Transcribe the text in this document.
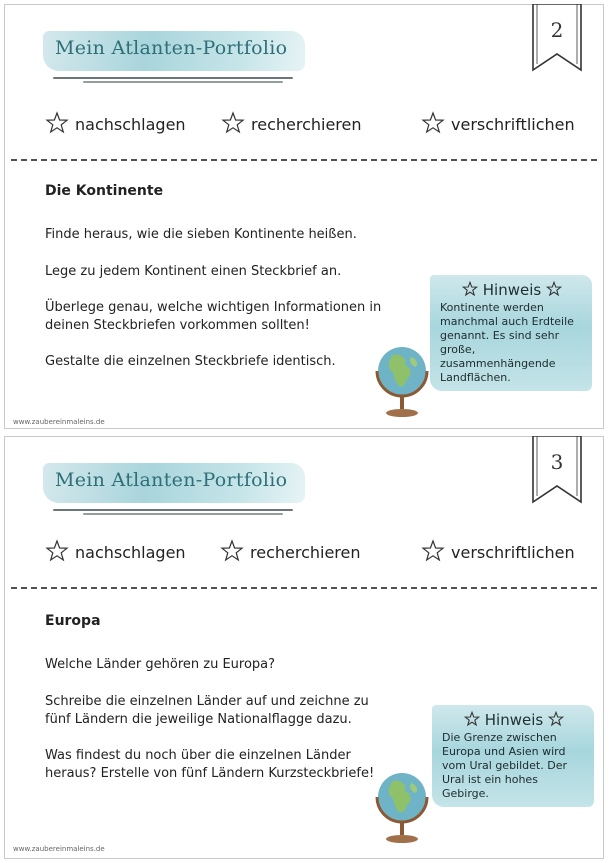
Mein Atlanten-Portfolio
2
nachschlagen	recherchieren	verschriftlichen
Die Kontinente
Finde heraus, wie die sieben Kontinente heißen.
Lege zu jedem Kontinent einen Steckbrief an.
Überlege genau, welche wichtigen Informationen in deinen Steckbriefen vorkommen sollten!
Gestalte die einzelnen Steckbriefe identisch.
Hinweis
Kontinente werden manchmal auch Erdteile genannt. Es sind sehr große, zusammenhängende Landflächen.
www.zaubereinmaleins.de
Mein Atlanten-Portfolio
3
nachschlagen	recherchieren	verschriftlichen
Europa
Welche Länder gehören zu Europa?
Schreibe die einzelnen Länder auf und zeichne zu fünf Ländern die jeweilige Nationalflagge dazu.
Was findest du noch über die einzelnen Länder heraus? Erstelle von fünf Ländern Kurzsteckbriefe!
Hinweis
Die Grenze zwischen Europa und Asien wird vom Ural gebildet. Der Ural ist ein hohes Gebirge.
www.zaubereinmaleins.de
